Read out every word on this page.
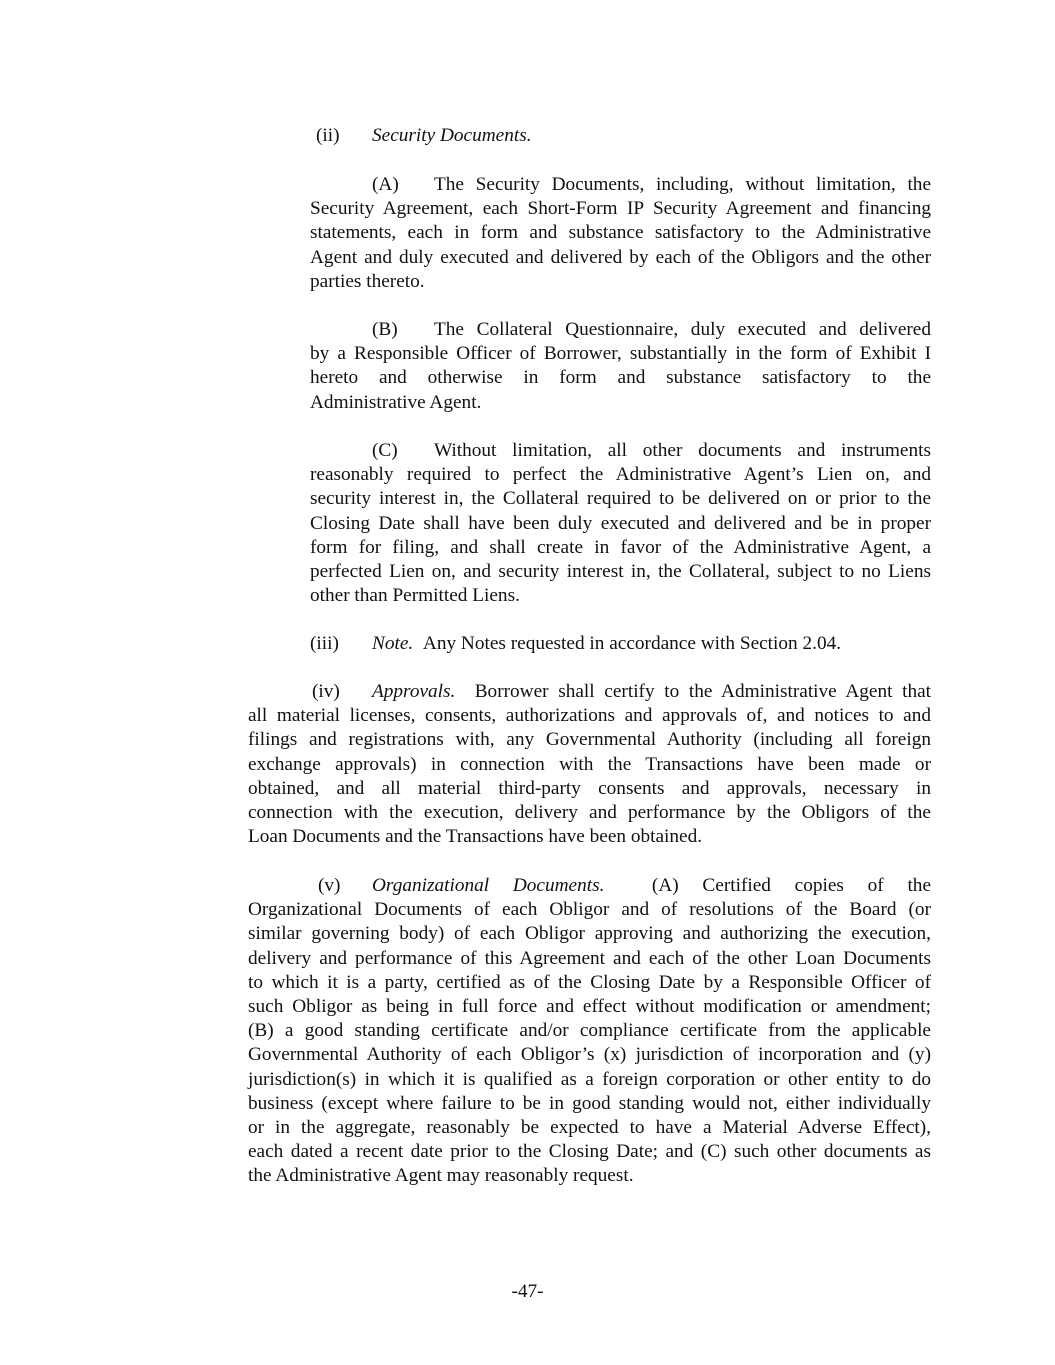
(ii) Security Documents.

(A) The Security Documents, including, without limitation, the
Security Agreement, each Short-Form IP Security Agreement and financing
statements, each in form and substance satisfactory to the Administrative
Agent and duly executed and delivered by each of the Obligors and the other
parties thereto.
(B) The Collateral Questionnaire, duly executed and delivered
by a Responsible Officer of Borrower, substantially in the form of Exhibit I
hereto and otherwise in form and substance satisfactory to the
Administrative Agent.
(C) Without limitation, all other documents and instruments
reasonably required to perfect the Administrative Agent’s Lien on, and
security interest in, the Collateral required to be delivered on or prior to the
Closing Date shall have been duly executed and delivered and be in proper
form for filing, and shall create in favor of the Administrative Agent, a
perfected Lien on, and security interest in, the Collateral, subject to no Liens
other than Permitted Liens.

(iii) Note. Any Notes requested in accordance with Section 2.04.

(iv) Approvals. Borrower shall certify to the Administrative Agent that
all material licenses, consents, authorizations and approvals of, and notices to and
filings and registrations with, any Governmental Authority (including all foreign
exchange approvals) in connection with the Transactions have been made or
obtained, and all material third-party consents and approvals, necessary in
connection with the execution, delivery and performance by the Obligors of the
Loan Documents and the Transactions have been obtained.
(v) Organizational Documents. (A) Certified copies of the
Organizational Documents of each Obligor and of resolutions of the Board (or
similar governing body) of each Obligor approving and authorizing the execution,
delivery and performance of this Agreement and each of the other Loan Documents
to which it is a party, certified as of the Closing Date by a Responsible Officer of
such Obligor as being in full force and effect without modification or amendment;
(B) a good standing certificate and/or compliance certificate from the applicable
Governmental Authority of each Obligor’s (x) jurisdiction of incorporation and (y)
jurisdiction(s) in which it is qualified as a foreign corporation or other entity to do
business (except where failure to be in good standing would not, either individually
or in the aggregate, reasonably be expected to have a Material Adverse Effect),
each dated a recent date prior to the Closing Date; and (C) such other documents as
the Administrative Agent may reasonably request.
-47-
